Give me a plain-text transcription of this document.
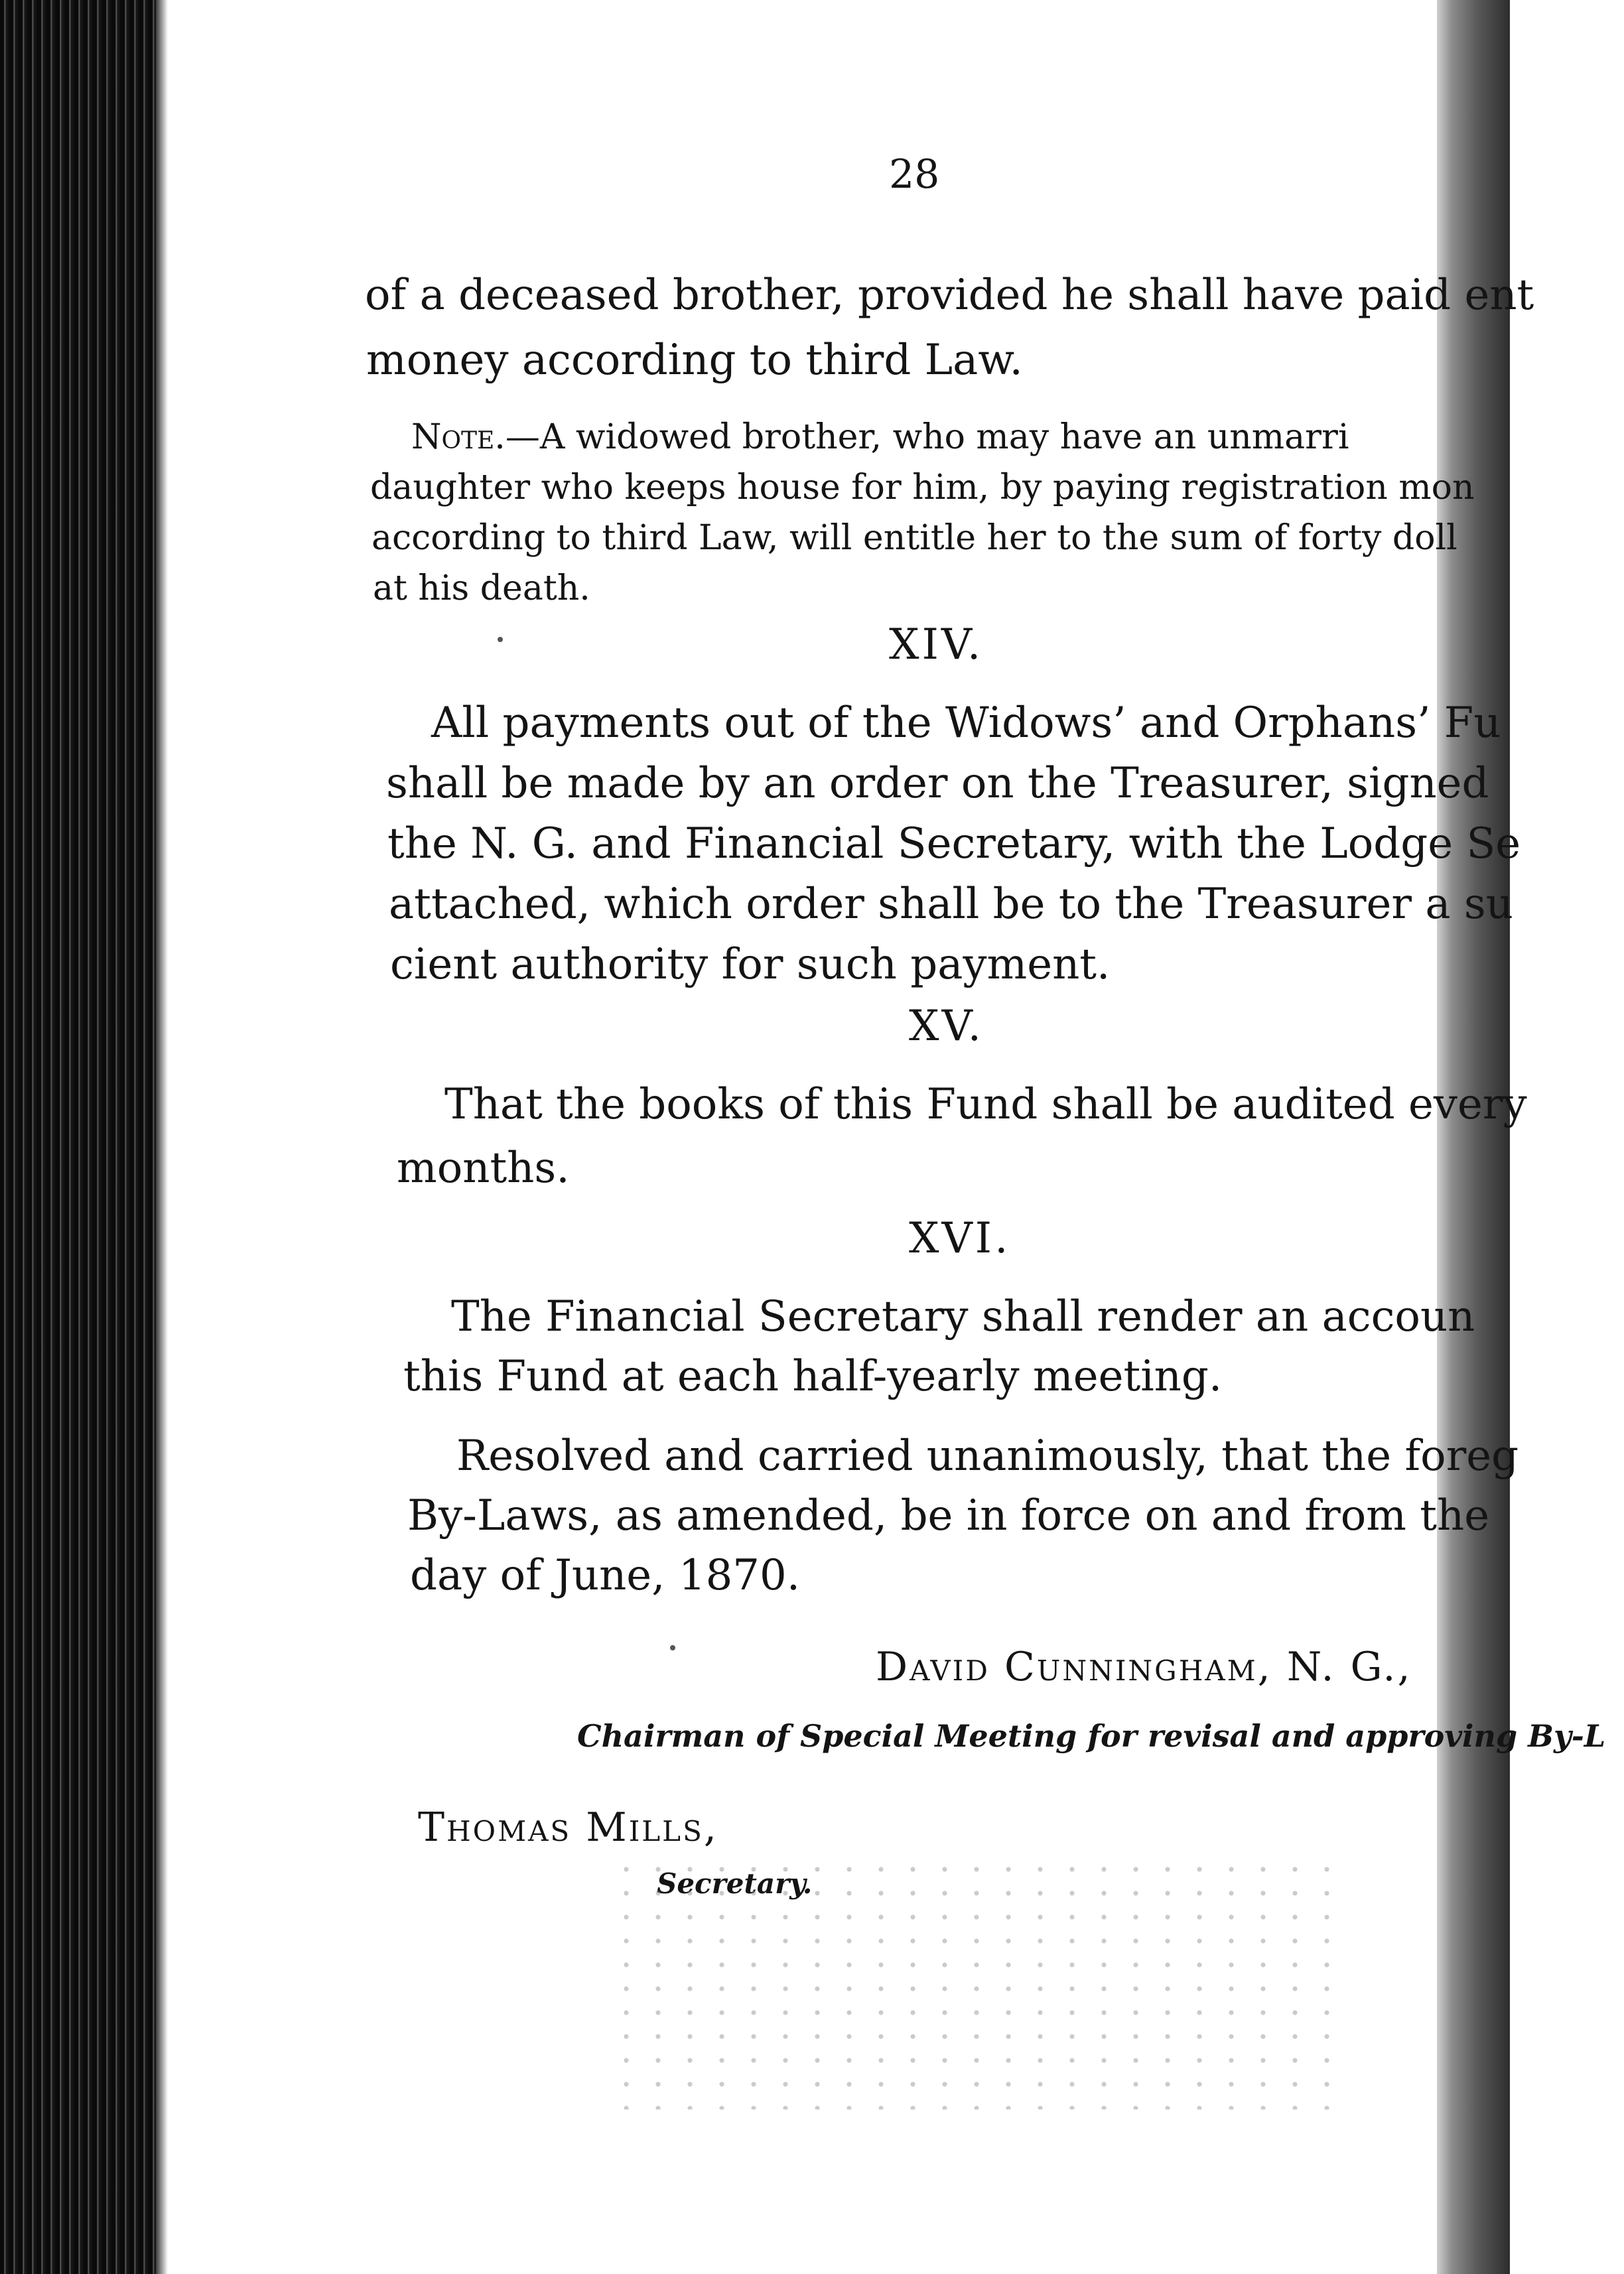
28
of a deceased brother, provided he shall have paid ent
money according to third Law.
Note.—A widowed brother, who may have an unmarri
daughter who keeps house for him, by paying registration mon
according to third Law, will entitle her to the sum of forty doll
at his death.
XIV.
All payments out of the Widows’ and Orphans’ Fu
shall be made by an order on the Treasurer, signed
the N. G. and Financial Secretary, with the Lodge Se
attached, which order shall be to the Treasurer a su
cient authority for such payment.
XV.
That the books of this Fund shall be audited every
months.
XVI.
The Financial Secretary shall render an accoun
this Fund at each half-yearly meeting.
Resolved and carried unanimously, that the foreg
By-Laws, as amended, be in force on and from the
day of June, 1870.
David Cunningham, N. G.,
Chairman of Special Meeting for revisal and approving By-L
Thomas Mills,
Secretary.
